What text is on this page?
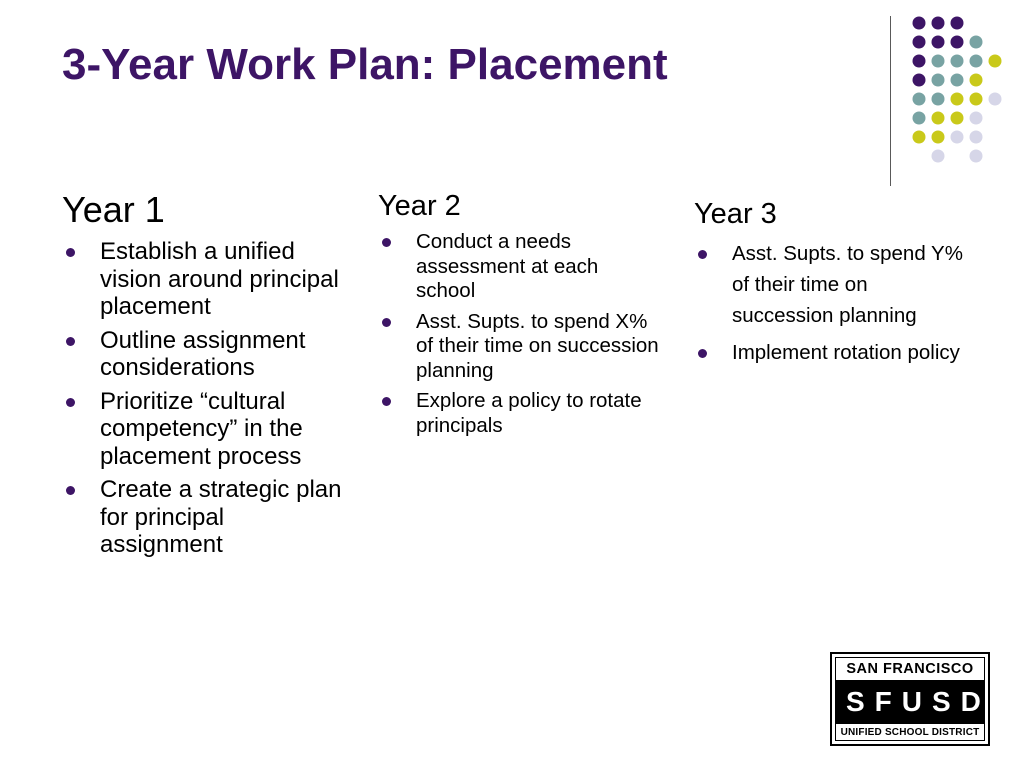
3-Year Work Plan: Placement
Year 1
Establish a unified vision around principal placement
Outline assignment considerations
Prioritize “cultural competency” in the placement process
Create a strategic plan for principal assignment
Year 2
Conduct a needs assessment at each school
Asst. Supts. to spend X% of their time on succession planning
Explore a policy to rotate principals
Year 3
Asst. Supts. to spend Y% of their time on succession planning
Implement rotation policy
SAN FRANCISCO
SFUSD
UNIFIED SCHOOL DISTRICT
